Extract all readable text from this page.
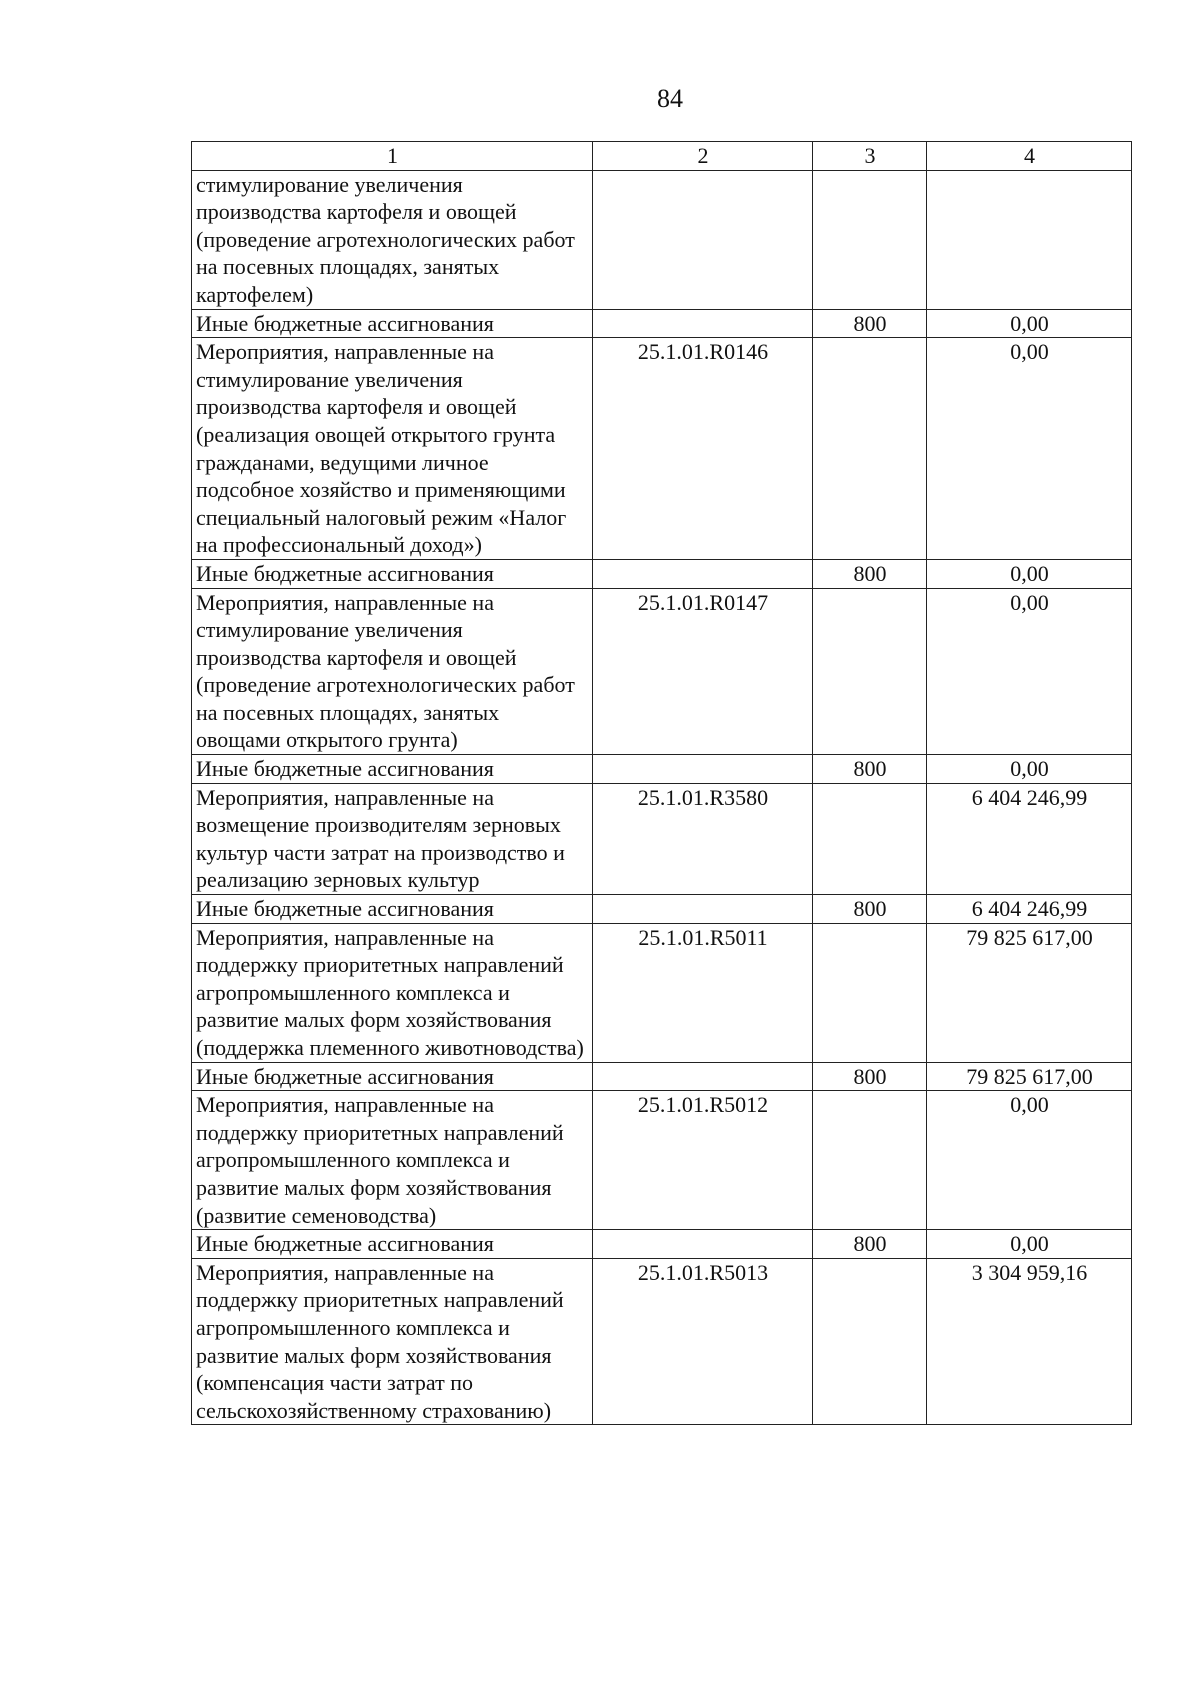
84
1	2	3	4
стимулирование увеличения производства картофеля и овощей (проведение агротехнологических работ на посевных площадях, занятых картофелем)			
Иные бюджетные ассигнования		800	0,00
Мероприятия, направленные на стимулирование увеличения производства картофеля и овощей (реализация овощей открытого грунта гражданами, ведущими личное подсобное хозяйство и применяющими специальный налоговый режим «Налог на профессиональный доход»)	25.1.01.R0146		0,00
Иные бюджетные ассигнования		800	0,00
Мероприятия, направленные на стимулирование увеличения производства картофеля и овощей (проведение агротехнологических работ на посевных площадях, занятых овощами открытого грунта)	25.1.01.R0147		0,00
Иные бюджетные ассигнования		800	0,00
Мероприятия, направленные на возмещение производителям зерновых культур части затрат на производство и реализацию зерновых культур	25.1.01.R3580		6 404 246,99
Иные бюджетные ассигнования		800	6 404 246,99
Мероприятия, направленные на поддержку приоритетных направлений агропромышленного комплекса и развитие малых форм хозяйствования (поддержка племенного животноводства)	25.1.01.R5011		79 825 617,00
Иные бюджетные ассигнования		800	79 825 617,00
Мероприятия, направленные на поддержку приоритетных направлений агропромышленного комплекса и развитие малых форм хозяйствования (развитие семеноводства)	25.1.01.R5012		0,00
Иные бюджетные ассигнования		800	0,00
Мероприятия, направленные на поддержку приоритетных направлений агропромышленного комплекса и развитие малых форм хозяйствования (компенсация части затрат по сельскохозяйственному страхованию)	25.1.01.R5013		3 304 959,16
